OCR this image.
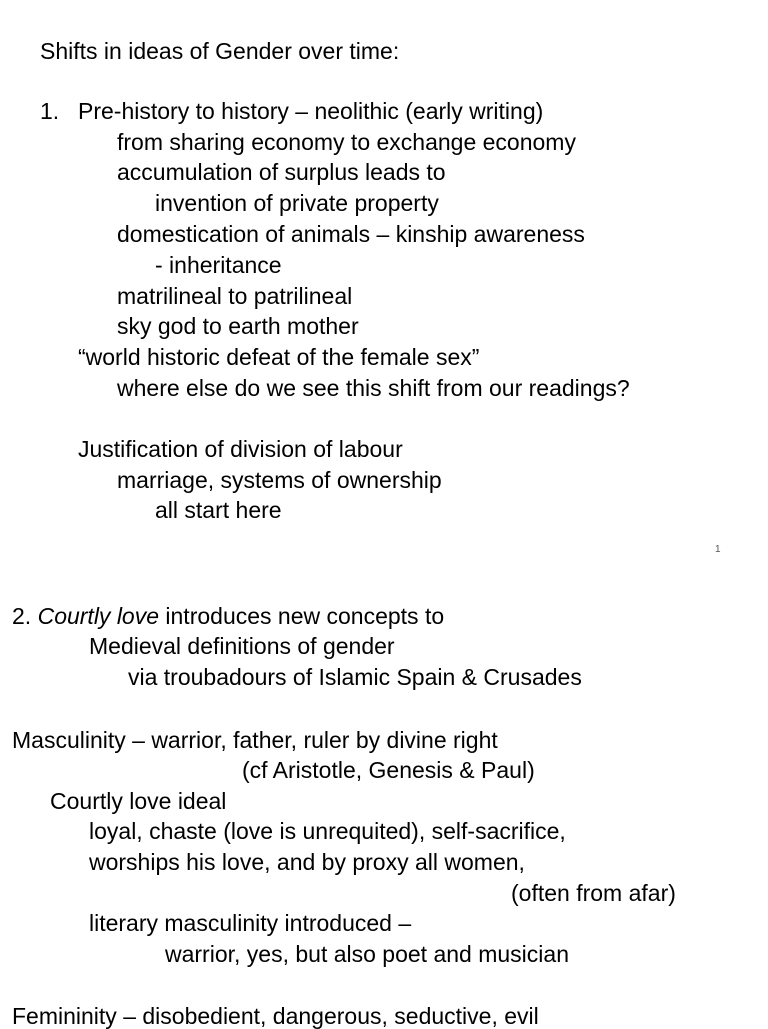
Shifts in ideas of Gender over time:

1. Pre-history to history – neolithic (early writing)

from sharing economy to exchange economy

accumulation of surplus leads to

invention of private property

domestication of animals – kinship awareness

- inheritance

matrilineal to patrilineal

sky god to earth mother

“world historic defeat of the female sex”

where else do we see this shift from our readings?

Justification of division of labour

marriage, systems of ownership

all start here

1

2. Courtly love introduces new concepts to

Medieval definitions of gender

via troubadours of Islamic Spain & Crusades

Masculinity – warrior, father, ruler by divine right

(cf Aristotle, Genesis & Paul)

Courtly love ideal

loyal, chaste (love is unrequited), self-sacrifice,

worships his love, and by proxy all women,

(often from afar)

literary masculinity introduced –

warrior, yes, but also poet and musician

Femininity – disobedient, dangerous, seductive, evil
